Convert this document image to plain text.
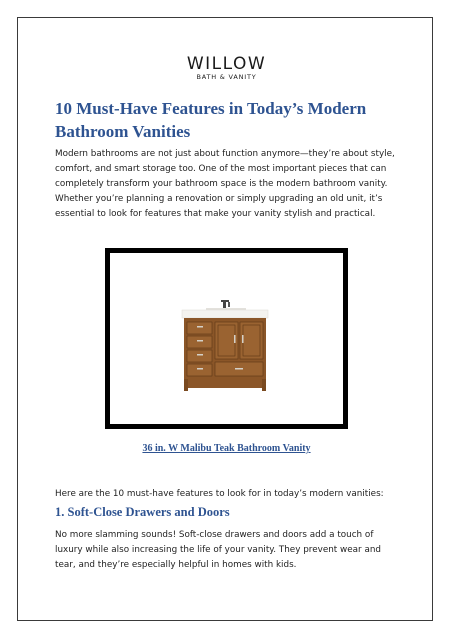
WILLOW
BATH & VANITY
10 Must-Have Features in Today’s Modern Bathroom Vanities

Modern bathrooms are not just about function anymore—they’re about style, comfort, and smart storage too. One of the most important pieces that can completely transform your bathroom space is the modern bathroom vanity. Whether you’re planning a renovation or simply upgrading an old unit, it’s essential to look for features that make your vanity stylish and practical.

36 in. W Malibu Teak Bathroom Vanity

Here are the 10 must-have features to look for in today’s modern vanities:

1. Soft-Close Drawers and Doors

No more slamming sounds! Soft-close drawers and doors add a touch of luxury while also increasing the life of your vanity. They prevent wear and tear, and they’re especially helpful in homes with kids.
